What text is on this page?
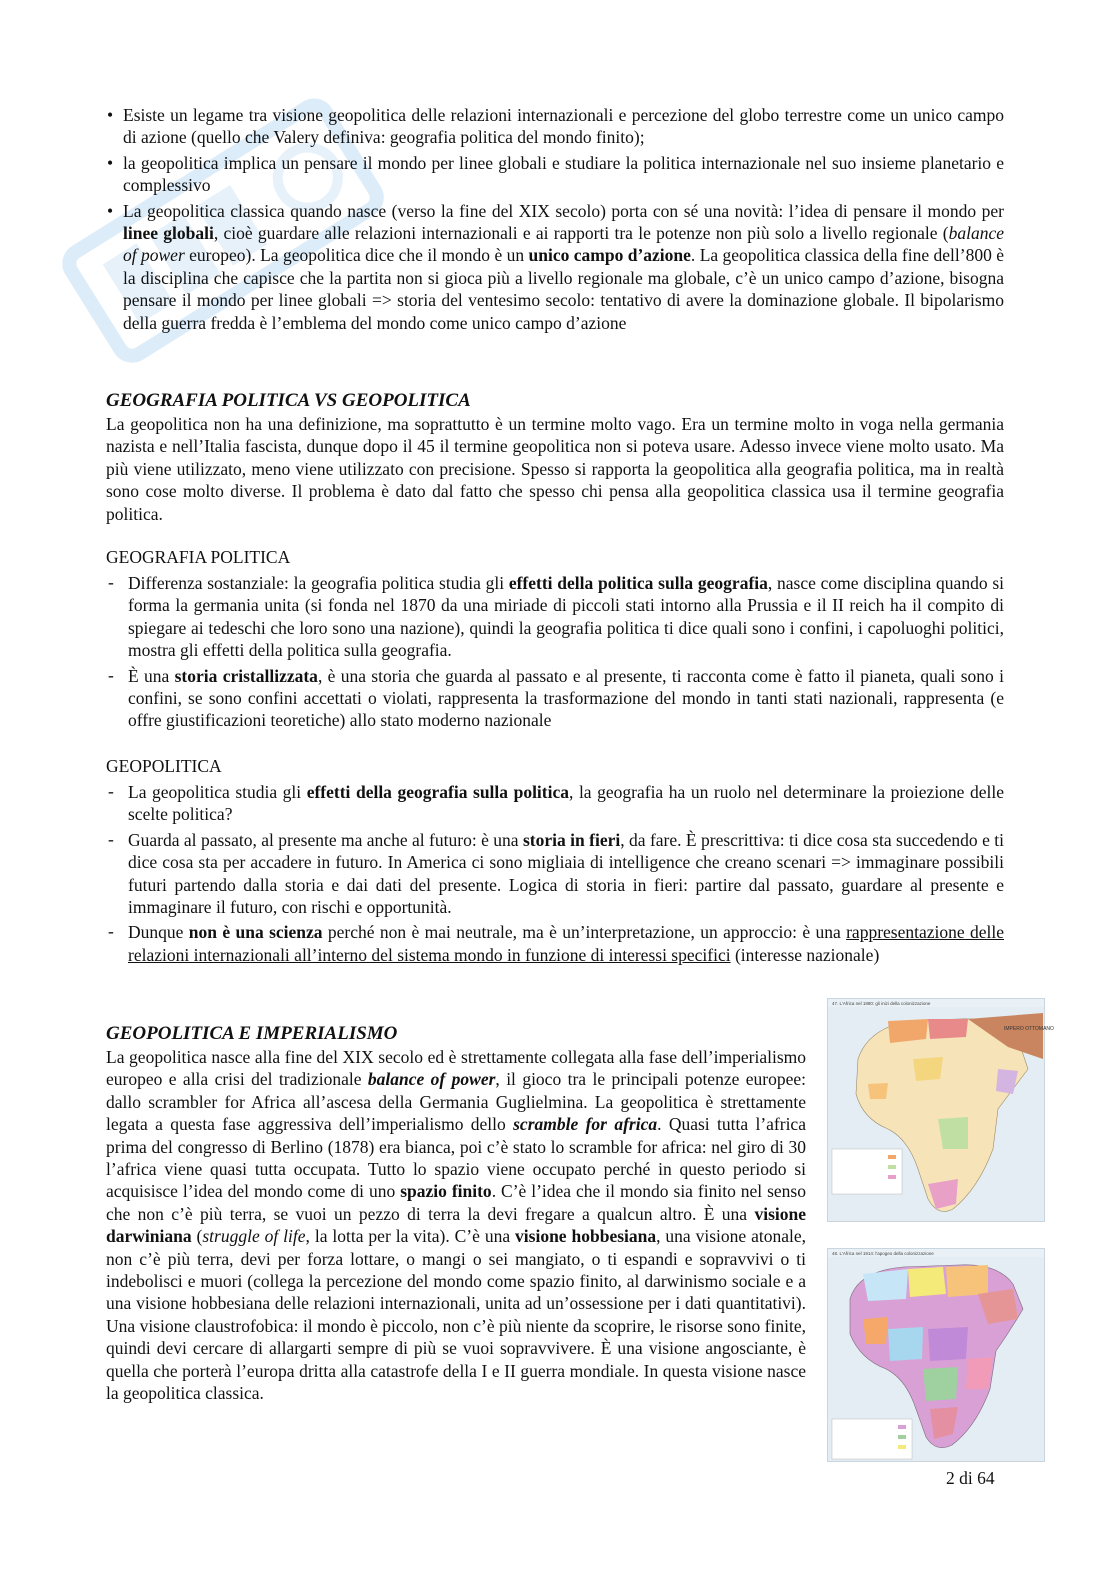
• Esiste un legame tra visione geopolitica delle relazioni internazionali e percezione del globo terrestre come un unico campo di azione (quello che Valery definiva: geografia politica del mondo finito);
• la geopolitica implica un pensare il mondo per linee globali e studiare la politica internazionale nel suo insieme planetario e complessivo
• La geopolitica classica quando nasce (verso la fine del XIX secolo) porta con sé una novità: l’idea di pensare il mondo per linee globali, cioè guardare alle relazioni internazionali e ai rapporti tra le potenze non più solo a livello regionale (balance of power europeo). La geopolitica dice che il mondo è un unico campo d’azione. La geopolitica classica della fine dell’800 è la disciplina che capisce che la partita non si gioca più a livello regionale ma globale, c’è un unico campo d’azione, bisogna pensare il mondo per linee globali => storia del ventesimo secolo: tentativo di avere la dominazione globale. Il bipolarismo della guerra fredda è l’emblema del mondo come unico campo d’azione
GEOGRAFIA POLITICA VS GEOPOLITICA

La geopolitica non ha una definizione, ma soprattutto è un termine molto vago. Era un termine molto in voga nella germania nazista e nell’Italia fascista, dunque dopo il 45 il termine geopolitica non si poteva usare. Adesso invece viene molto usato. Ma più viene utilizzato, meno viene utilizzato con precisione. Spesso si rapporta la geopolitica alla geografia politica, ma in realtà sono cose molto diverse. Il problema è dato dal fatto che spesso chi pensa alla geopolitica classica usa il termine geografia politica.

GEOGRAFIA POLITICA
- Differenza sostanziale: la geografia politica studia gli effetti della politica sulla geografia, nasce come disciplina quando si forma la germania unita (si fonda nel 1870 da una miriade di piccoli stati intorno alla Prussia e il II reich ha il compito di spiegare ai tedeschi che loro sono una nazione), quindi la geografia politica ti dice quali sono i confini, i capoluoghi politici, mostra gli effetti della politica sulla geografia.
- È una storia cristallizzata, è una storia che guarda al passato e al presente, ti racconta come è fatto il pianeta, quali sono i confini, se sono confini accettati o violati, rappresenta la trasformazione del mondo in tanti stati nazionali, rappresenta (e offre giustificazioni teoretiche) allo stato moderno nazionale
GEOPOLITICA
- La geopolitica studia gli effetti della geografia sulla politica, la geografia ha un ruolo nel determinare la proiezione delle scelte politica?
- Guarda al passato, al presente ma anche al futuro: è una storia in fieri, da fare. È prescrittiva: ti dice cosa sta succedendo e ti dice cosa sta per accadere in futuro. In America ci sono migliaia di intelligence che creano scenari => immaginare possibili futuri partendo dalla storia e dai dati del presente. Logica di storia in fieri: partire dal passato, guardare al presente e immaginare il futuro, con rischi e opportunità.
- Dunque non è una scienza perché non è mai neutrale, ma è un’interpretazione, un approccio: è una rappresentazione delle relazioni internazionali all’interno del sistema mondo in funzione di interessi specifici (interesse nazionale)
GEOPOLITICA E IMPERIALISMO

La geopolitica nasce alla fine del XIX secolo ed è strettamente collegata alla fase dell’imperialismo europeo e alla crisi del tradizionale balance of power, il gioco tra le principali potenze europee: dallo scrambler for Africa all’ascesa della Germania Guglielmina. La geopolitica è strettamente legata a questa fase aggressiva dell’imperialismo dello scramble for africa. Quasi tutta l’africa prima del congresso di Berlino (1878) era bianca, poi c’è stato lo scramble for africa: nel giro di 30 l’africa viene quasi tutta occupata. Tutto lo spazio viene occupato perché in questo periodo si acquisisce l’idea del mondo come di uno spazio finito. C’è l’idea che il mondo sia finito nel senso che non c’è più terra, se vuoi un pezzo di terra la devi fregare a qualcun altro. È una visione darwiniana (struggle of life, la lotta per la vita). C’è una visione hobbesiana, una visione atonale, non c’è più terra, devi per forza lottare, o mangi o sei mangiato, o ti espandi e sopravvivi o ti indebolisci e muori (collega la percezione del mondo come spazio finito, al darwinismo sociale e a una visione hobbesiana delle relazioni internazionali, unita ad un’ossessione per i dati quantitativi). Una visione claustrofobica: il mondo è piccolo, non c’è più niente da scoprire, le risorse sono finite, quindi devi cercare di allargarti sempre di più se vuoi sopravvivere. È una visione angosciante, è quella che porterà l’europa dritta alla catastrofe della I e II guerra mondiale. In questa visione nasce la geopolitica classica.

47. L'Africa nel 1880: gli inizi della colonizzazione
IMPERO OTTOMANO
48. L'Africa nel 1914: l'apogeo della colonizzazione
2 di 64
